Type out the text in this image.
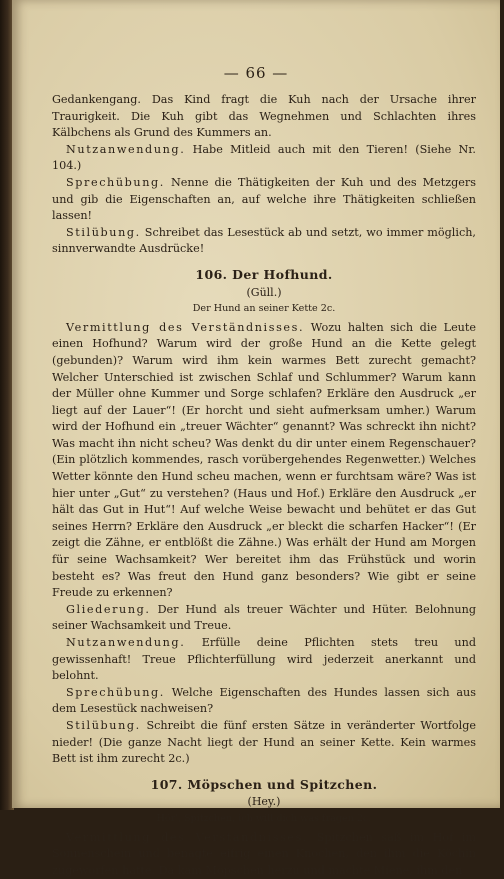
— 66 —

Gedankengang. Das Kind fragt die Kuh nach der Ursache ihrer Traurigkeit. Die Kuh gibt das Wegnehmen und Schlachten ihres Kälbchens als Grund des Kummers an.

Nutzanwendung. Habe Mitleid auch mit den Tieren! (Siehe Nr. 104.)

Sprechübung. Nenne die Thätigkeiten der Kuh und des Metzgers und gib die Eigenschaften an, auf welche ihre Thätigkeiten schließen lassen!

Stilübung. Schreibet das Lesestück ab und setzt, wo immer möglich, sinnverwandte Ausdrücke!

106. Der Hofhund.
(Güll.)
Der Hund an seiner Kette 2c.

Vermittlung des Verständnisses. Wozu halten sich die Leute einen Hofhund? Warum wird der große Hund an die Kette gelegt (gebunden)? Warum wird ihm kein warmes Bett zurecht gemacht? Welcher Unterschied ist zwischen Schlaf und Schlummer? Warum kann der Müller ohne Kummer und Sorge schlafen? Erkläre den Ausdruck „er liegt auf der Lauer“! (Er horcht und sieht aufmerksam umher.) Warum wird der Hofhund ein „treuer Wächter“ genannt? Was schreckt ihn nicht? Was macht ihn nicht scheu? Was denkt du dir unter einem Regenschauer? (Ein plötzlich kommendes, rasch vorübergehendes Regenwetter.) Welches Wetter könnte den Hund scheu machen, wenn er furchtsam wäre? Was ist hier unter „Gut“ zu verstehen? (Haus und Hof.) Erkläre den Ausdruck „er hält das Gut in Hut“! Auf welche Weise bewacht und behütet er das Gut seines Herrn? Erkläre den Ausdruck „er bleckt die scharfen Hacker“! (Er zeigt die Zähne, er entblößt die Zähne.) Was erhält der Hund am Morgen für seine Wachsamkeit? Wer bereitet ihm das Frühstück und worin besteht es? Was freut den Hund ganz besonders? Wie gibt er seine Freude zu erkennen?

Gliederung. Der Hund als treuer Wächter und Hüter. Belohnung seiner Wachsamkeit und Treue.

Nutzanwendung. Erfülle deine Pflichten stets treu und gewissenhaft! Treue Pflichterfüllung wird jederzeit anerkannt und belohnt.

Sprechübung. Welche Eigenschaften des Hundes lassen sich aus dem Lesestück nachweisen?

Stilübung. Schreibt die fünf ersten Sätze in veränderter Wortfolge nieder! (Die ganze Nacht liegt der Hund an seiner Kette. Kein warmes Bett ist ihm zurecht 2c.)

107. Möpschen und Spitzchen.
(Hey.)
Hör', Spitzchen, ich will dich was fragen 2c.

Vermittlung des Verständnisses. Spitzchen saß im Hof im Sonnenschein und benagte eifrig einen Knochen, den ihm die Köchin zugeworfen hatte. Da kam Möpschen herzu und machte Miene, ihm den
